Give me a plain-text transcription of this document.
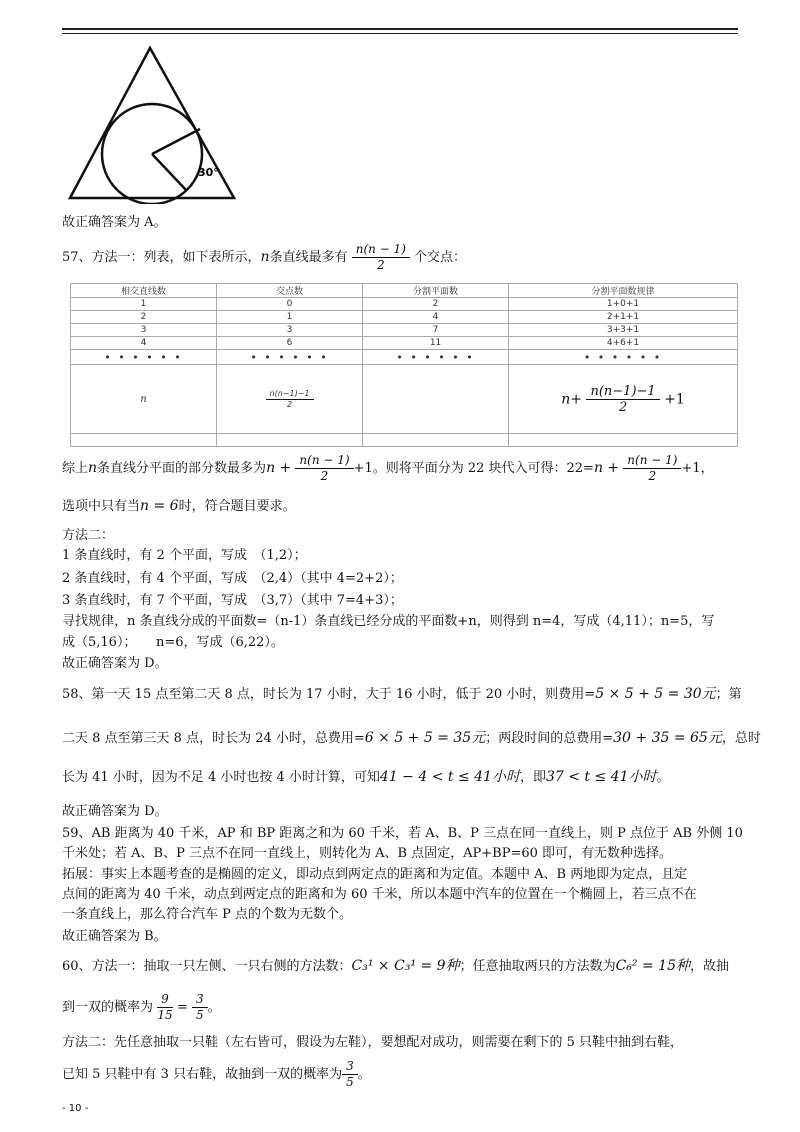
30°
故正确答案为 A。
57、方法一：列表，如下表所示，n条直线最多有 $\frac{n(n - 1)}{2}$ 个交点：
相交直线数	交点数	分割平面数	分割平面数规律
1	0	2	1+0+1
2	1	4	2+1+1
3	3	7	3+3+1
4	6	11	4+6+1
• • • • • •	• • • • • •	• • • • • •	• • • • • •
n	$\frac{n(n-1)-1}{2}$		$n+ \frac{n(n-1)-1}{2} +1$

综上n条直线分平面的部分数最多为$n + \frac{n(n - 1)}{2} +1$。则将平面分为 22 块代入可得：$22=n + \frac{n(n - 1)}{2} +1$，
选项中只有当n = 6时，符合题目要求。
方法二：
1 条直线时，有 2 个平面，写成　（1,2）；
2 条直线时，有 4 个平面，写成　（2,4）（其中 4=2+2）；
3 条直线时，有 7 个平面，写成　（3,7）（其中 7=4+3）；
寻找规律，n 条直线分成的平面数=（n-1）条直线已经分成的平面数+n，则得到 n=4，写成（4,11）；n=5，写
成（5,16）；　　n=6，写成（6,22）。
故正确答案为 D。
58、第一天 15 点至第二天 8 点，时长为 17 小时，大于 16 小时，低于 20 小时，则费用=5 × 5 + 5 = 30元；第
二天 8 点至第三天 8 点，时长为 24 小时，总费用=6 × 5 + 5 = 35元；两段时间的总费用=30 + 35 = 65元，总时
长为 41 小时，因为不足 4 小时也按 4 小时计算，可知41 − 4 < t ≤ 41小时，即37 < t ≤ 41小时。
故正确答案为 D。
59、AB 距离为 40 千米，AP 和 BP 距离之和为 60 千米，若 A、B、P 三点在同一直线上，则 P 点位于 AB 外侧 10
千米处；若 A、B、P 三点不在同一直线上，则转化为 A、B 点固定，AP+BP=60 即可，有无数种选择。
拓展：事实上本题考查的是椭圆的定义，即动点到两定点的距离和为定值。本题中 A、B 两地即为定点，且定
点间的距离为 40 千米，动点到两定点的距离和为 60 千米，所以本题中汽车的位置在一个椭圆上，若三点不在
一条直线上，那么符合汽车 P 点的个数为无数个。
故正确答案为 B。
60、方法一：抽取一只左侧、一只右侧的方法数：C₃¹ × C₃¹ = 9种；任意抽取两只的方法数为C₆² = 15种，故抽
到一双的概率为 $\frac{9}{15} = \frac{3}{5}$ 。
方法二：先任意抽取一只鞋（左右皆可，假设为左鞋），要想配对成功，则需要在剩下的 5 只鞋中抽到右鞋，
已知 5 只鞋中有 3 只右鞋，故抽到一双的概率为 $\frac{3}{5}$ 。
- 10 -
